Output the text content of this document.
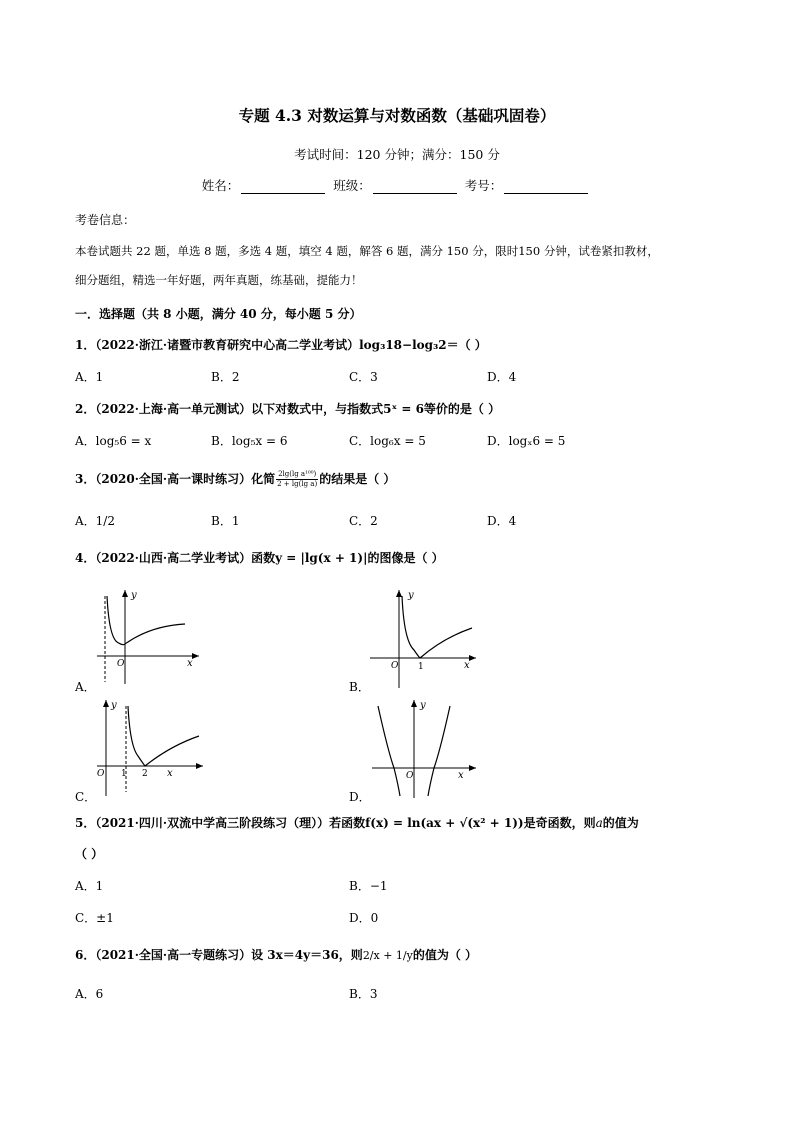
专题 4.3 对数运算与对数函数（基础巩固卷）
考试时间：120 分钟；满分：150 分
姓名：	班级：	考号：
考卷信息：
本卷试题共 22 题，单选 8 题，多选 4 题，填空 4 题，解答 6 题，满分 150 分，限时150 分钟，试卷紧扣教材，
细分题组，精选一年好题，两年真题，练基础，提能力！
一．选择题（共 8 小题，满分 40 分，每小题 5 分）
1．（2022·浙江·诸暨市教育研究中心高二学业考试）log₃18−log₃2＝（ ）
A．1	B．2	C．3	D．4
2．（2022·上海·高一单元测试）以下对数式中，与指数式5ˣ = 6等价的是（ ）
A．log₅6 = x	B．log₅x = 6	C．log₆x = 5	D．logₓ6 = 5
3．（2020·全国·高一课时练习）化简 $\frac{\text{2lg(lg a¹⁰⁰)}}{\text{2 + lg(lg a)}}$ 的结果是（ ）
A．1/2	B．1	C．2	D．4
4．（2022·山西·高二学业考试）函数y = |lg(x + 1)|的图像是（ ）
y
O	x
A．
y
O 1	x
B．
y
O 1 2 x
C．
y
O	x
D．
5．（2021·四川·双流中学高三阶段练习（理））若函数f(x) = ln(ax + √(x² + 1))是奇函数，则a的值为
（ ）
A．1	B．−1
C．±1	D．0
6．（2021·全国·高一专题练习）设 3x＝4y＝36，则2/x + 1/y的值为（ ）
A．6	B．3
